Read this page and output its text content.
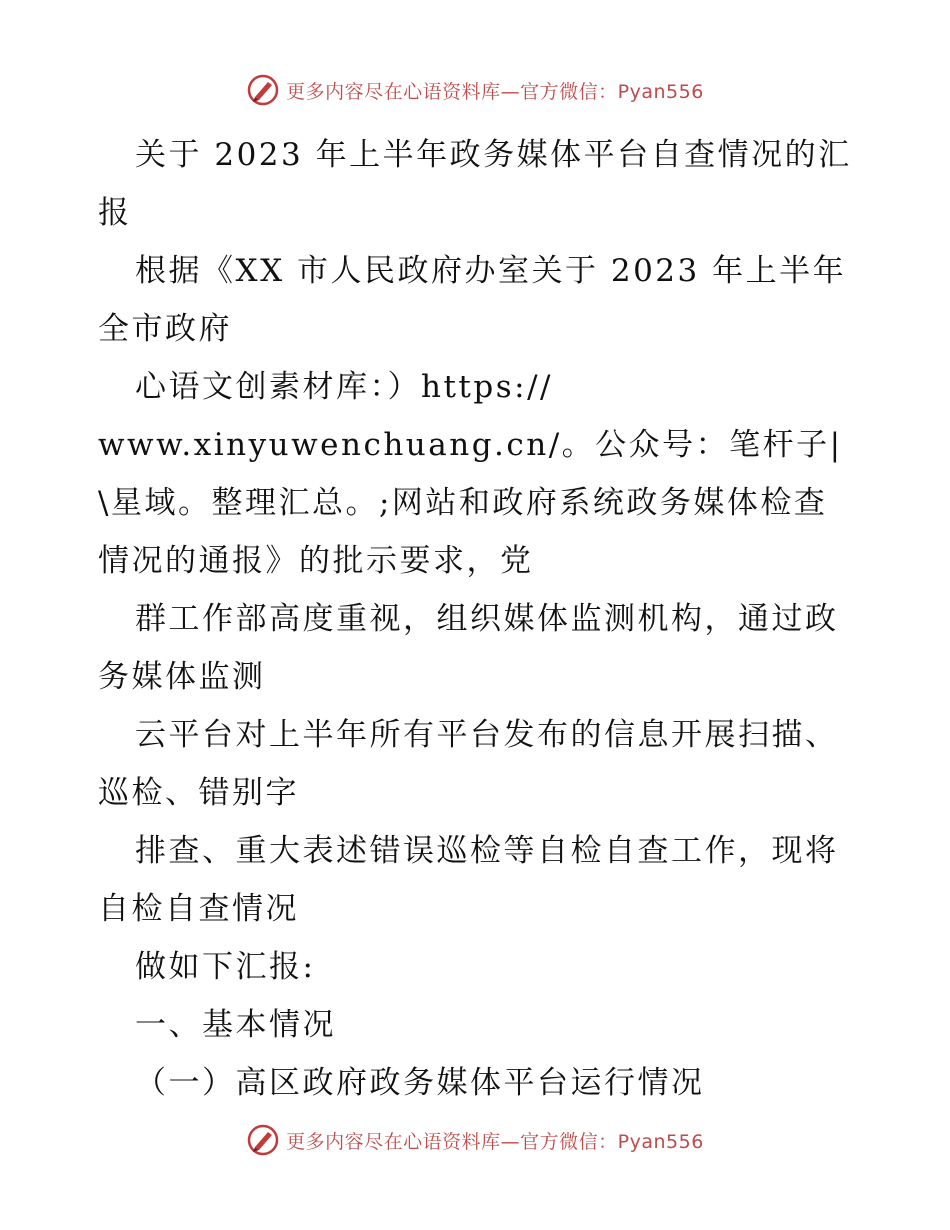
更多内容尽在心语资料库—官方微信：Pyan556

关于 2023 年上半年政务媒体平台自查情况的汇报

根据《XX 市人民政府办室关于 2023 年上半年全市政府

心语文创素材库：）https://

www.xinyuwenchuang.cn/。公众号：笔杆子|\星域。整理汇总。;网站和政府系统政务媒体检查情况的通报》的批示要求，党

群工作部高度重视，组织媒体监测机构，通过政务媒体监测

云平台对上半年所有平台发布的信息开展扫描、巡检、错别字

排查、重大表述错误巡检等自检自查工作，现将自检自查情况

做如下汇报:

一、基本情况

（一）高区政府政务媒体平台运行情况

更多内容尽在心语资料库—官方微信：Pyan556
